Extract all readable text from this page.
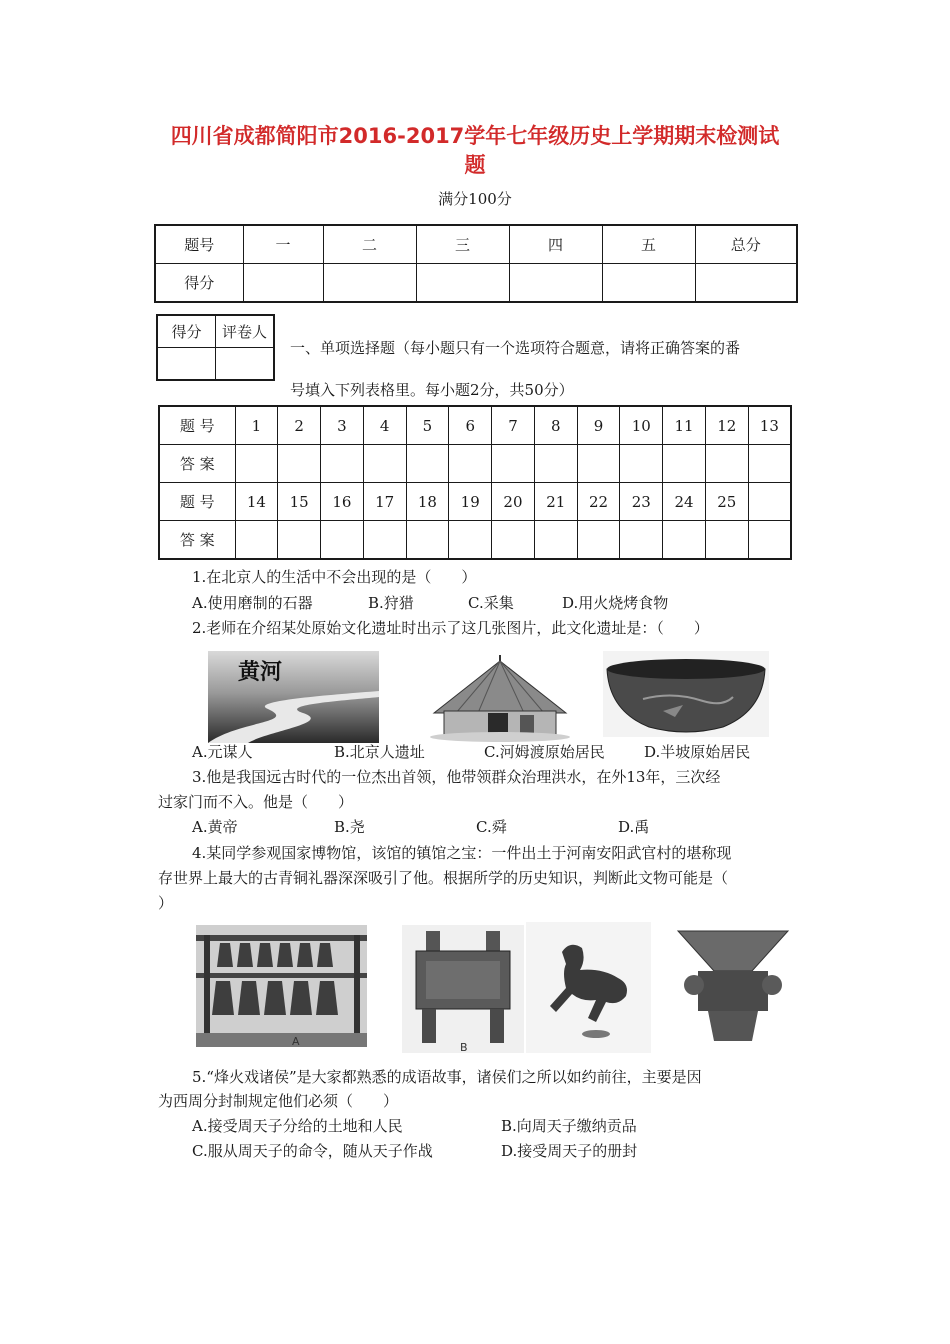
四川省成都简阳市2016-2017学年七年级历史上学期期末检测试
题
满分100分
题号	一	二	三	四	五	总分
得分						
得分	评卷人

一、单项选择题（每小题只有一个选项符合题意，请将正确答案的番
号填入下列表格里。每小题2分，共50分）
题 号	1	2	3	4	5	6	7	8	9	10	11	12	13
答 案													
题 号	14	15	16	17	18	19	20	21	22	23	24	25	
答 案													
1.在北京人的生活中不会出现的是（　　）
A.使用磨制的石器	B.狩猎	C.采集	D.用火烧烤食物
2.老师在介绍某处原始文化遗址时出示了这几张图片，此文化遗址是：（　　）
黄河
A.元谋人	B.北京人遗址	C.河姆渡原始居民	D.半坡原始居民
3.他是我国远古时代的一位杰出首领，他带领群众治理洪水，在外13年，三次经
过家门而不入。他是（　　）
A.黄帝	B.尧	C.舜	D.禹
4.某同学参观国家博物馆，该馆的镇馆之宝：一件出土于河南安阳武官村的堪称现
存世界上最大的古青铜礼器深深吸引了他。根据所学的历史知识，判断此文物可能是（
）
A	B
5.“烽火戏诸侯”是大家都熟悉的成语故事，诸侯们之所以如约前往，主要是因
为西周分封制规定他们必须（　　）
A.接受周天子分给的土地和人民	B.向周天子缴纳贡品
C.服从周天子的命令，随从天子作战	D.接受周天子的册封
